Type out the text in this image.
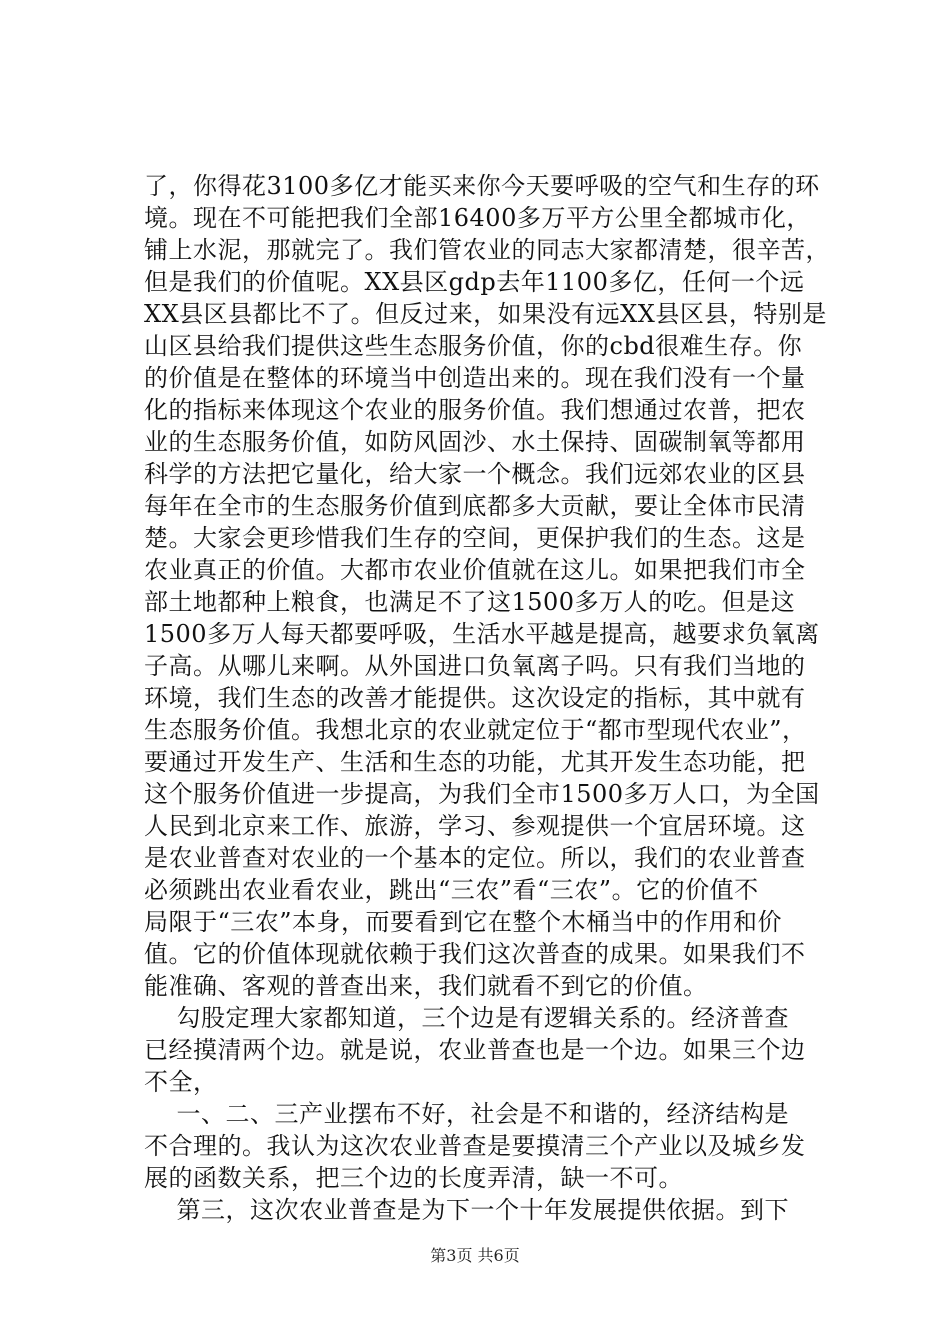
了，你得花3100多亿才能买来你今天要呼吸的空气和生存的环
境。现在不可能把我们全部16400多万平方公里全都城市化，
铺上水泥，那就完了。我们管农业的同志大家都清楚，很辛苦，
但是我们的价值呢。XX县区gdp去年1100多亿，任何一个远
XX县区县都比不了。但反过来，如果没有远XX县区县，特别是
山区县给我们提供这些生态服务价值，你的cbd很难生存。你
的价值是在整体的环境当中创造出来的。现在我们没有一个量
化的指标来体现这个农业的服务价值。我们想通过农普，把农
业的生态服务价值，如防风固沙、水土保持、固碳制氧等都用
科学的方法把它量化，给大家一个概念。我们远郊农业的区县
每年在全市的生态服务价值到底都多大贡献，要让全体市民清
楚。大家会更珍惜我们生存的空间，更保护我们的生态。这是
农业真正的价值。大都市农业价值就在这儿。如果把我们市全
部土地都种上粮食，也满足不了这1500多万人的吃。但是这
1500多万人每天都要呼吸，生活水平越是提高，越要求负氧离
子高。从哪儿来啊。从外国进口负氧离子吗。只有我们当地的
环境，我们生态的改善才能提供。这次设定的指标，其中就有
生态服务价值。我想北京的农业就定位于“都市型现代农业”，
要通过开发生产、生活和生态的功能，尤其开发生态功能，把
这个服务价值进一步提高，为我们全市1500多万人口，为全国
人民到北京来工作、旅游，学习、参观提供一个宜居环境。这
是农业普查对农业的一个基本的定位。所以，我们的农业普查
必须跳出农业看农业，跳出“三农”看“三农”。它的价值不
局限于“三农”本身，而要看到它在整个木桶当中的作用和价
值。它的价值体现就依赖于我们这次普查的成果。如果我们不
能准确、客观的普查出来，我们就看不到它的价值。
勾股定理大家都知道，三个边是有逻辑关系的。经济普查
已经摸清两个边。就是说，农业普查也是一个边。如果三个边
不全，
一、二、三产业摆布不好，社会是不和谐的，经济结构是
不合理的。我认为这次农业普查是要摸清三个产业以及城乡发
展的函数关系，把三个边的长度弄清，缺一不可。
第三，这次农业普查是为下一个十年发展提供依据。到下
第3页 共6页
